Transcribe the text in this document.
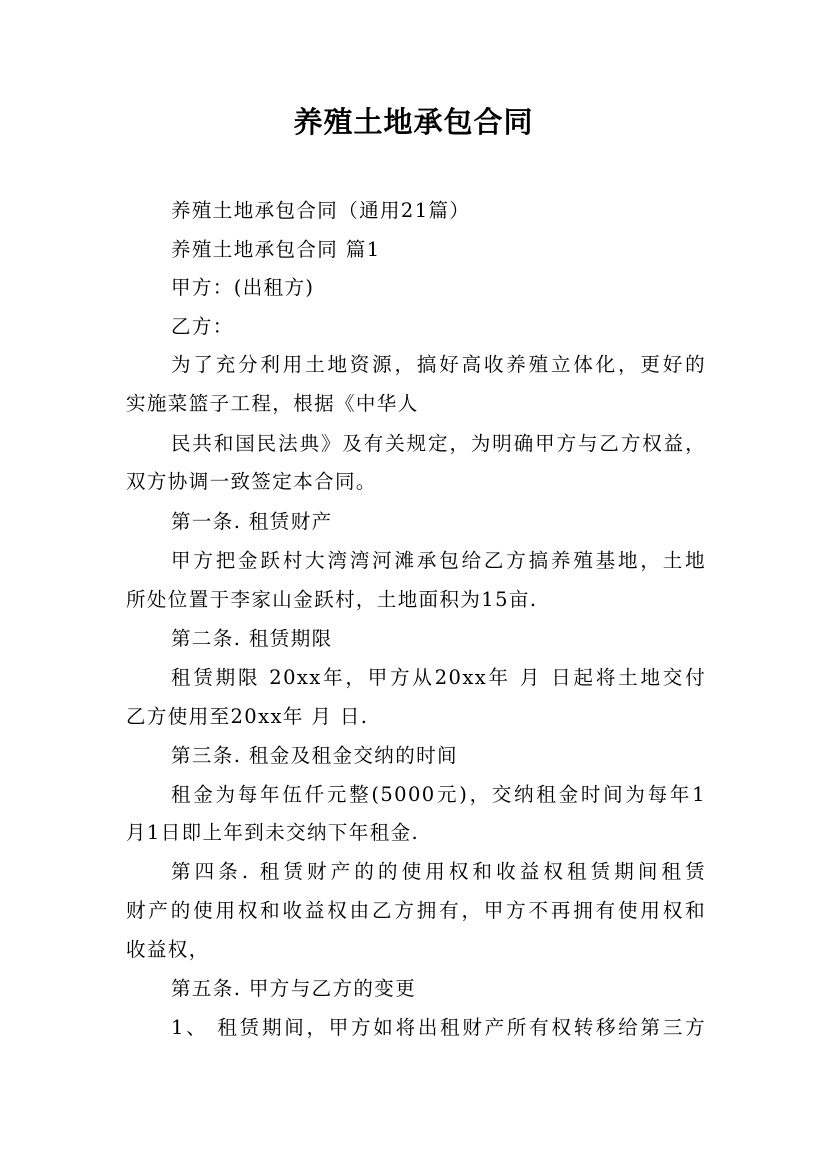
养殖土地承包合同
养殖土地承包合同（通用21篇）
养殖土地承包合同 篇1
甲方：(出租方)
乙方：
为了充分利用土地资源，搞好高收养殖立体化，更好的
实施菜篮子工程，根据《中华人
民共和国民法典》及有关规定，为明确甲方与乙方权益，
双方协调一致签定本合同。
第一条. 租赁财产
甲方把金跃村大湾湾河滩承包给乙方搞养殖基地，土地
所处位置于李家山金跃村，土地面积为15亩.
第二条. 租赁期限
租赁期限 20xx年，甲方从20xx年 月 日起将土地交付
乙方使用至20xx年 月 日.
第三条. 租金及租金交纳的时间
租金为每年伍仟元整(5000元)，交纳租金时间为每年1
月1日即上年到未交纳下年租金.
第四条. 租赁财产的的使用权和收益权租赁期间租赁
财产的使用权和收益权由乙方拥有，甲方不再拥有使用权和
收益权，
第五条. 甲方与乙方的变更
1、 租赁期间，甲方如将出租财产所有权转移给第三方
